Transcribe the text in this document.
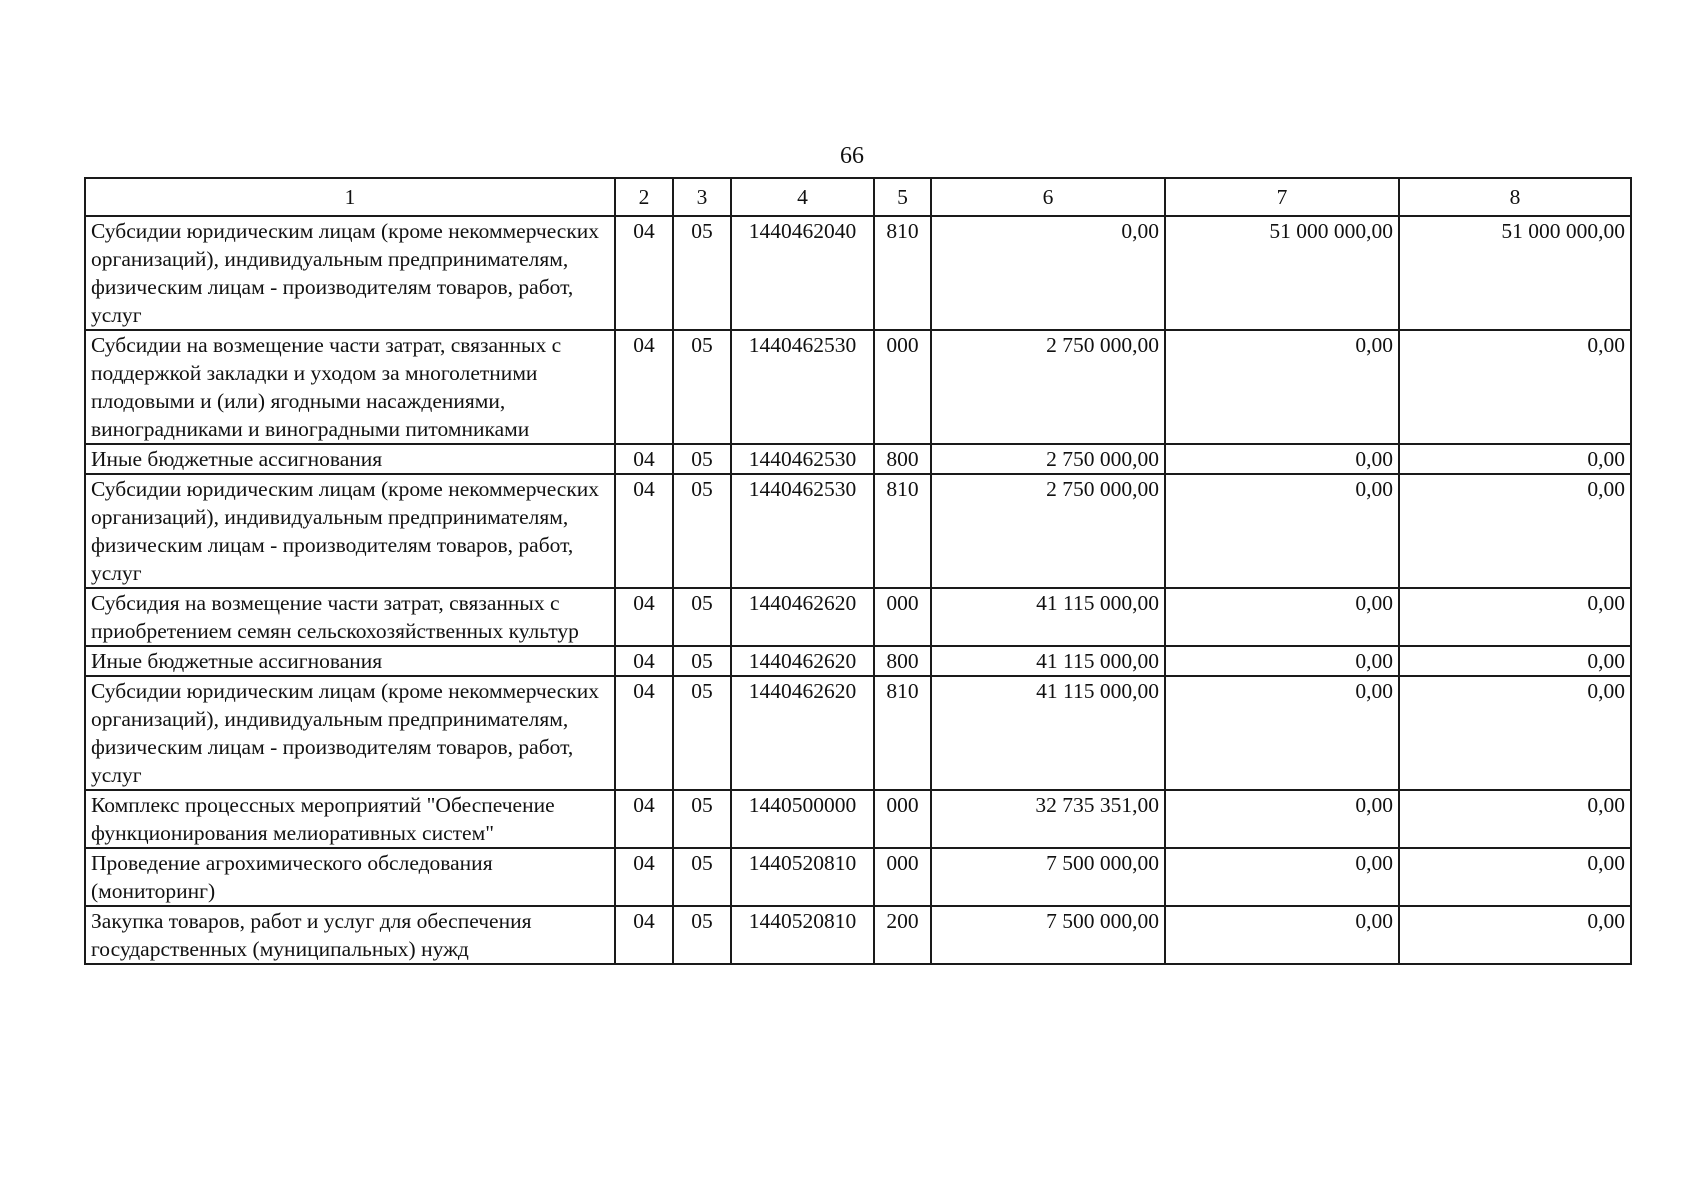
66
1	2	3	4	5	6	7	8
Субсидии юридическим лицам (кроме некоммерческих организаций), индивидуальным предпринимателям, физическим лицам - производителям товаров, работ, услуг	04	05	1440462040	810	0,00	51 000 000,00	51 000 000,00
Субсидии на возмещение части затрат, связанных с поддержкой закладки и уходом за многолетними плодовыми и (или) ягодными насаждениями, виноградниками и виноградными питомниками	04	05	1440462530	000	2 750 000,00	0,00	0,00
Иные бюджетные ассигнования	04	05	1440462530	800	2 750 000,00	0,00	0,00
Субсидии юридическим лицам (кроме некоммерческих организаций), индивидуальным предпринимателям, физическим лицам - производителям товаров, работ, услуг	04	05	1440462530	810	2 750 000,00	0,00	0,00
Субсидия на возмещение части затрат, связанных с приобретением семян сельскохозяйственных культур	04	05	1440462620	000	41 115 000,00	0,00	0,00
Иные бюджетные ассигнования	04	05	1440462620	800	41 115 000,00	0,00	0,00
Субсидии юридическим лицам (кроме некоммерческих организаций), индивидуальным предпринимателям, физическим лицам - производителям товаров, работ, услуг	04	05	1440462620	810	41 115 000,00	0,00	0,00
Комплекс процессных мероприятий "Обеспечение функционирования мелиоративных систем"	04	05	1440500000	000	32 735 351,00	0,00	0,00
Проведение агрохимического обследования (мониторинг)	04	05	1440520810	000	7 500 000,00	0,00	0,00
Закупка товаров, работ и услуг для обеспечения государственных (муниципальных) нужд	04	05	1440520810	200	7 500 000,00	0,00	0,00
